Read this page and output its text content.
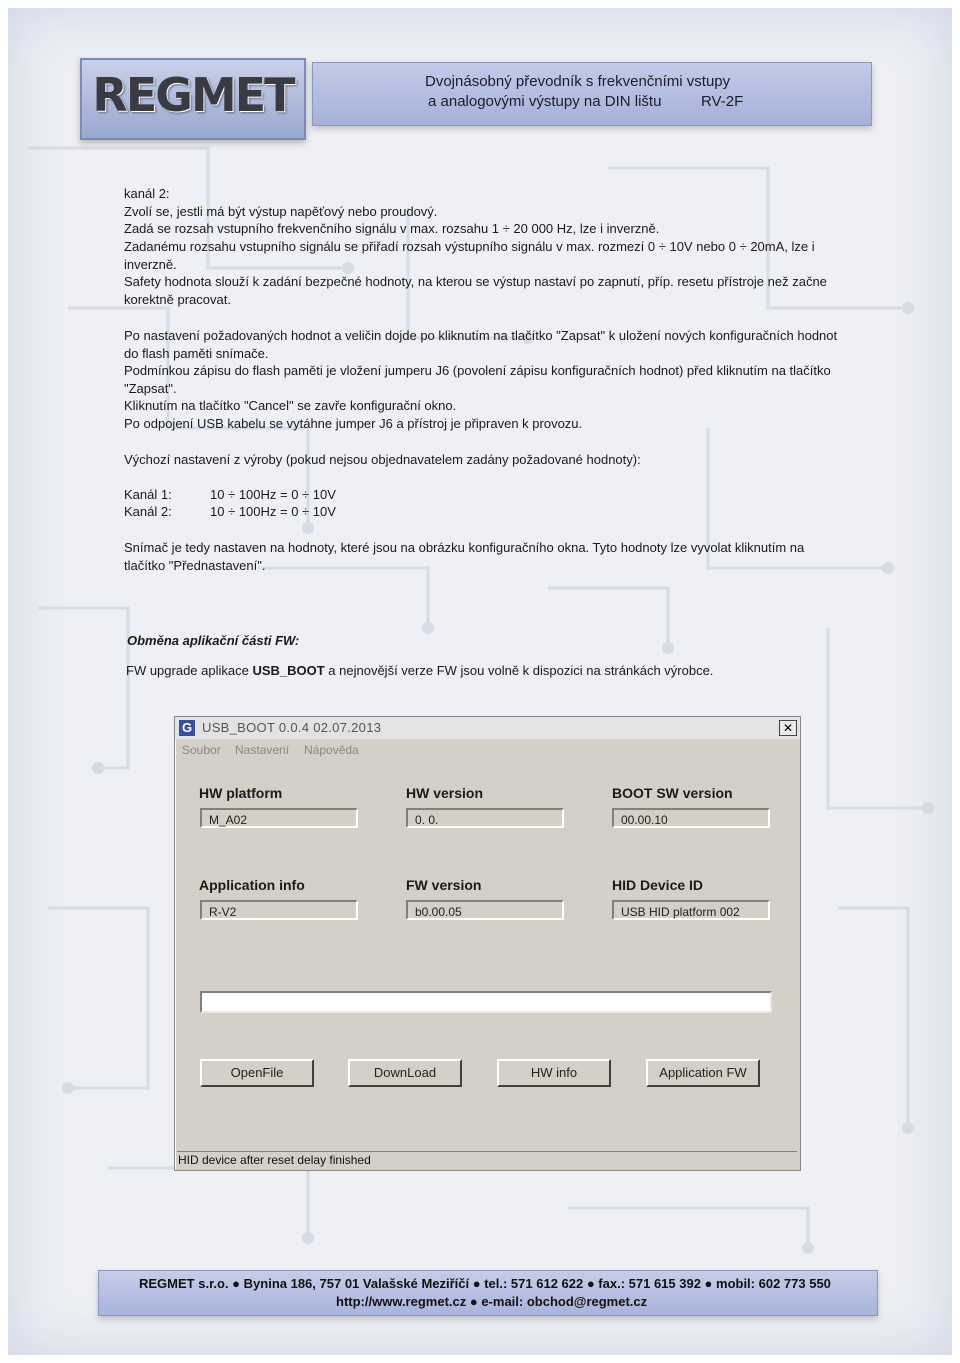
REGMET	Dvojnásobný převodník s frekvenčními vstupy
a analogovými výstupy na DIN lištu	RV-2F
kanál 2:
Zvolí se, jestli má být výstup napěťový nebo proudový.
Zadá se rozsah vstupního frekvenčního signálu v max. rozsahu 1 ÷ 20 000 Hz, lze i inverzně.
Zadanému rozsahu vstupního signálu se přiřadí rozsah výstupního signálu v max. rozmezí 0 ÷ 10V nebo 0 ÷ 20mA, lze i inverzně.
Safety hodnota slouží k zadání bezpečné hodnoty, na kterou se výstup nastaví po zapnutí, příp. resetu přístroje než začne korektně pracovat.
Po nastavení požadovaných hodnot a veličin dojde po kliknutím na tlačítko "Zapsat" k uložení nových konfiguračních hodnot do flash paměti snímače.
Podmínkou zápisu do flash paměti je vložení jumperu J6 (povolení zápisu konfiguračních hodnot) před kliknutím na tlačítko "Zapsat".
Kliknutím na tlačítko "Cancel" se zavře konfigurační okno.
Po odpojení USB kabelu se vytáhne jumper J6 a přístroj je připraven k provozu.
Výchozí nastavení z výroby (pokud nejsou objednavatelem zadány požadované hodnoty):
Kanál 1:	10 ÷ 100Hz = 0 ÷ 10V
Kanál 2:	10 ÷ 100Hz = 0 ÷ 10V
Snímač je tedy nastaven na hodnoty, které jsou na obrázku konfiguračního okna. Tyto hodnoty lze vyvolat kliknutím na tlačítko "Přednastavení".
Obměna aplikační části FW:
FW upgrade aplikace USB_BOOT a nejnovější verze FW jsou volně k dispozici na stránkách výrobce.
G USB_BOOT 0.0.4 02.07.2013	✕
Soubor Nastavení Nápověda
HW platform
M_A02
HW version
0. 0.
BOOT SW version
00.00.10
Application info
R-V2
FW version
b0.00.05
HID Device ID
USB HID platform 002
OpenFile	DownLoad	HW info	Application FW
HID device after reset delay finished
REGMET s.r.o. ● Bynina 186, 757 01 Valašské Meziříčí ● tel.: 571 612 622 ● fax.: 571 615 392 ● mobil: 602 773 550
http://www.regmet.cz ● e-mail: obchod@regmet.cz
